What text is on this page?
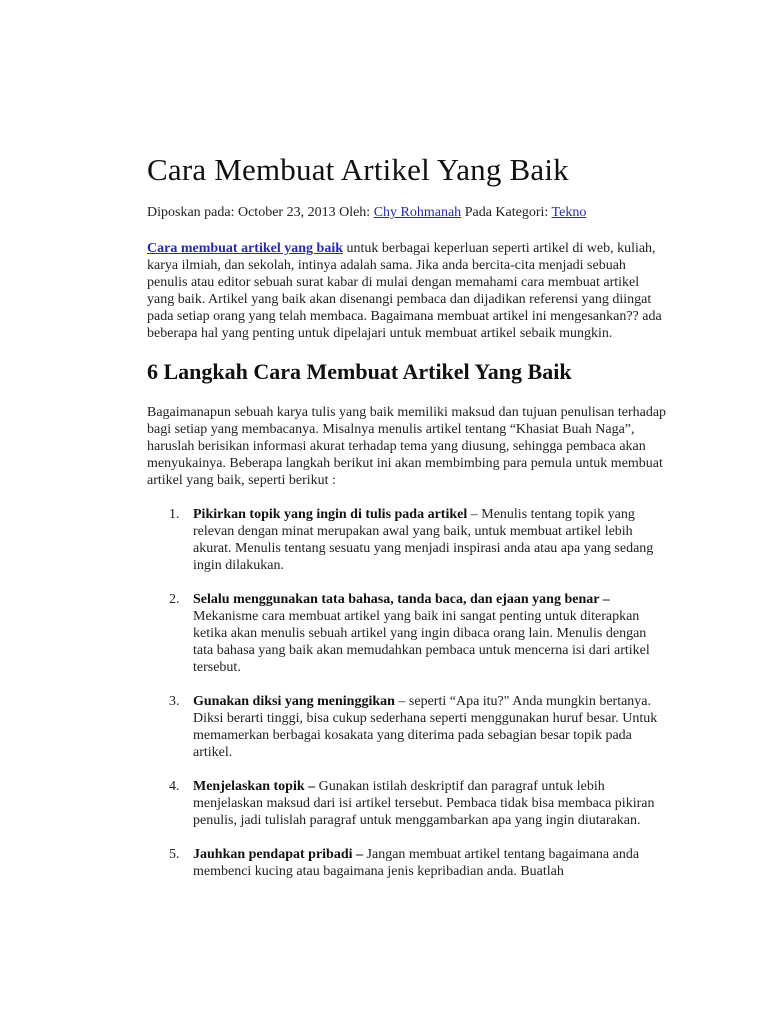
Cara Membuat Artikel Yang Baik
Diposkan pada: October 23, 2013 Oleh: Chy Rohmanah Pada Kategori: Tekno

Cara membuat artikel yang baik untuk berbagai keperluan seperti artikel di web, kuliah, karya ilmiah, dan sekolah, intinya adalah sama. Jika anda bercita-cita menjadi sebuah penulis atau editor sebuah surat kabar di mulai dengan memahami cara membuat artikel yang baik. Artikel yang baik akan disenangi pembaca dan dijadikan referensi yang diingat pada setiap orang yang telah membaca. Bagaimana membuat artikel ini mengesankan?? ada beberapa hal yang penting untuk dipelajari untuk membuat artikel sebaik mungkin.

6 Langkah Cara Membuat Artikel Yang Baik

Bagaimanapun sebuah karya tulis yang baik memiliki maksud dan tujuan penulisan terhadap bagi setiap yang membacanya. Misalnya menulis artikel tentang “Khasiat Buah Naga”, haruslah berisikan informasi akurat terhadap tema yang diusung, sehingga pembaca akan menyukainya. Beberapa langkah berikut ini akan membimbing para pemula untuk membuat artikel yang baik, seperti berikut :

1. Pikirkan topik yang ingin di tulis pada artikel – Menulis tentang topik yang relevan dengan minat merupakan awal yang baik, untuk membuat artikel lebih akurat. Menulis tentang sesuatu yang menjadi inspirasi anda atau apa yang sedang ingin dilakukan.
2. Selalu menggunakan tata bahasa, tanda baca, dan ejaan yang benar – Mekanisme cara membuat artikel yang baik ini sangat penting untuk diterapkan ketika akan menulis sebuah artikel yang ingin dibaca orang lain. Menulis dengan tata bahasa yang baik akan memudahkan pembaca untuk mencerna isi dari artikel tersebut.
3. Gunakan diksi yang meninggikan – seperti “Apa itu?" Anda mungkin bertanya. Diksi berarti tinggi, bisa cukup sederhana seperti menggunakan huruf besar. Untuk memamerkan berbagai kosakata yang diterima pada sebagian besar topik pada artikel.
4. Menjelaskan topik – Gunakan istilah deskriptif dan paragraf untuk lebih menjelaskan maksud dari isi artikel tersebut. Pembaca tidak bisa membaca pikiran penulis, jadi tulislah paragraf untuk menggambarkan apa yang ingin diutarakan.
5. Jauhkan pendapat pribadi – Jangan membuat artikel tentang bagaimana anda membenci kucing atau bagaimana jenis kepribadian anda. Buatlah
